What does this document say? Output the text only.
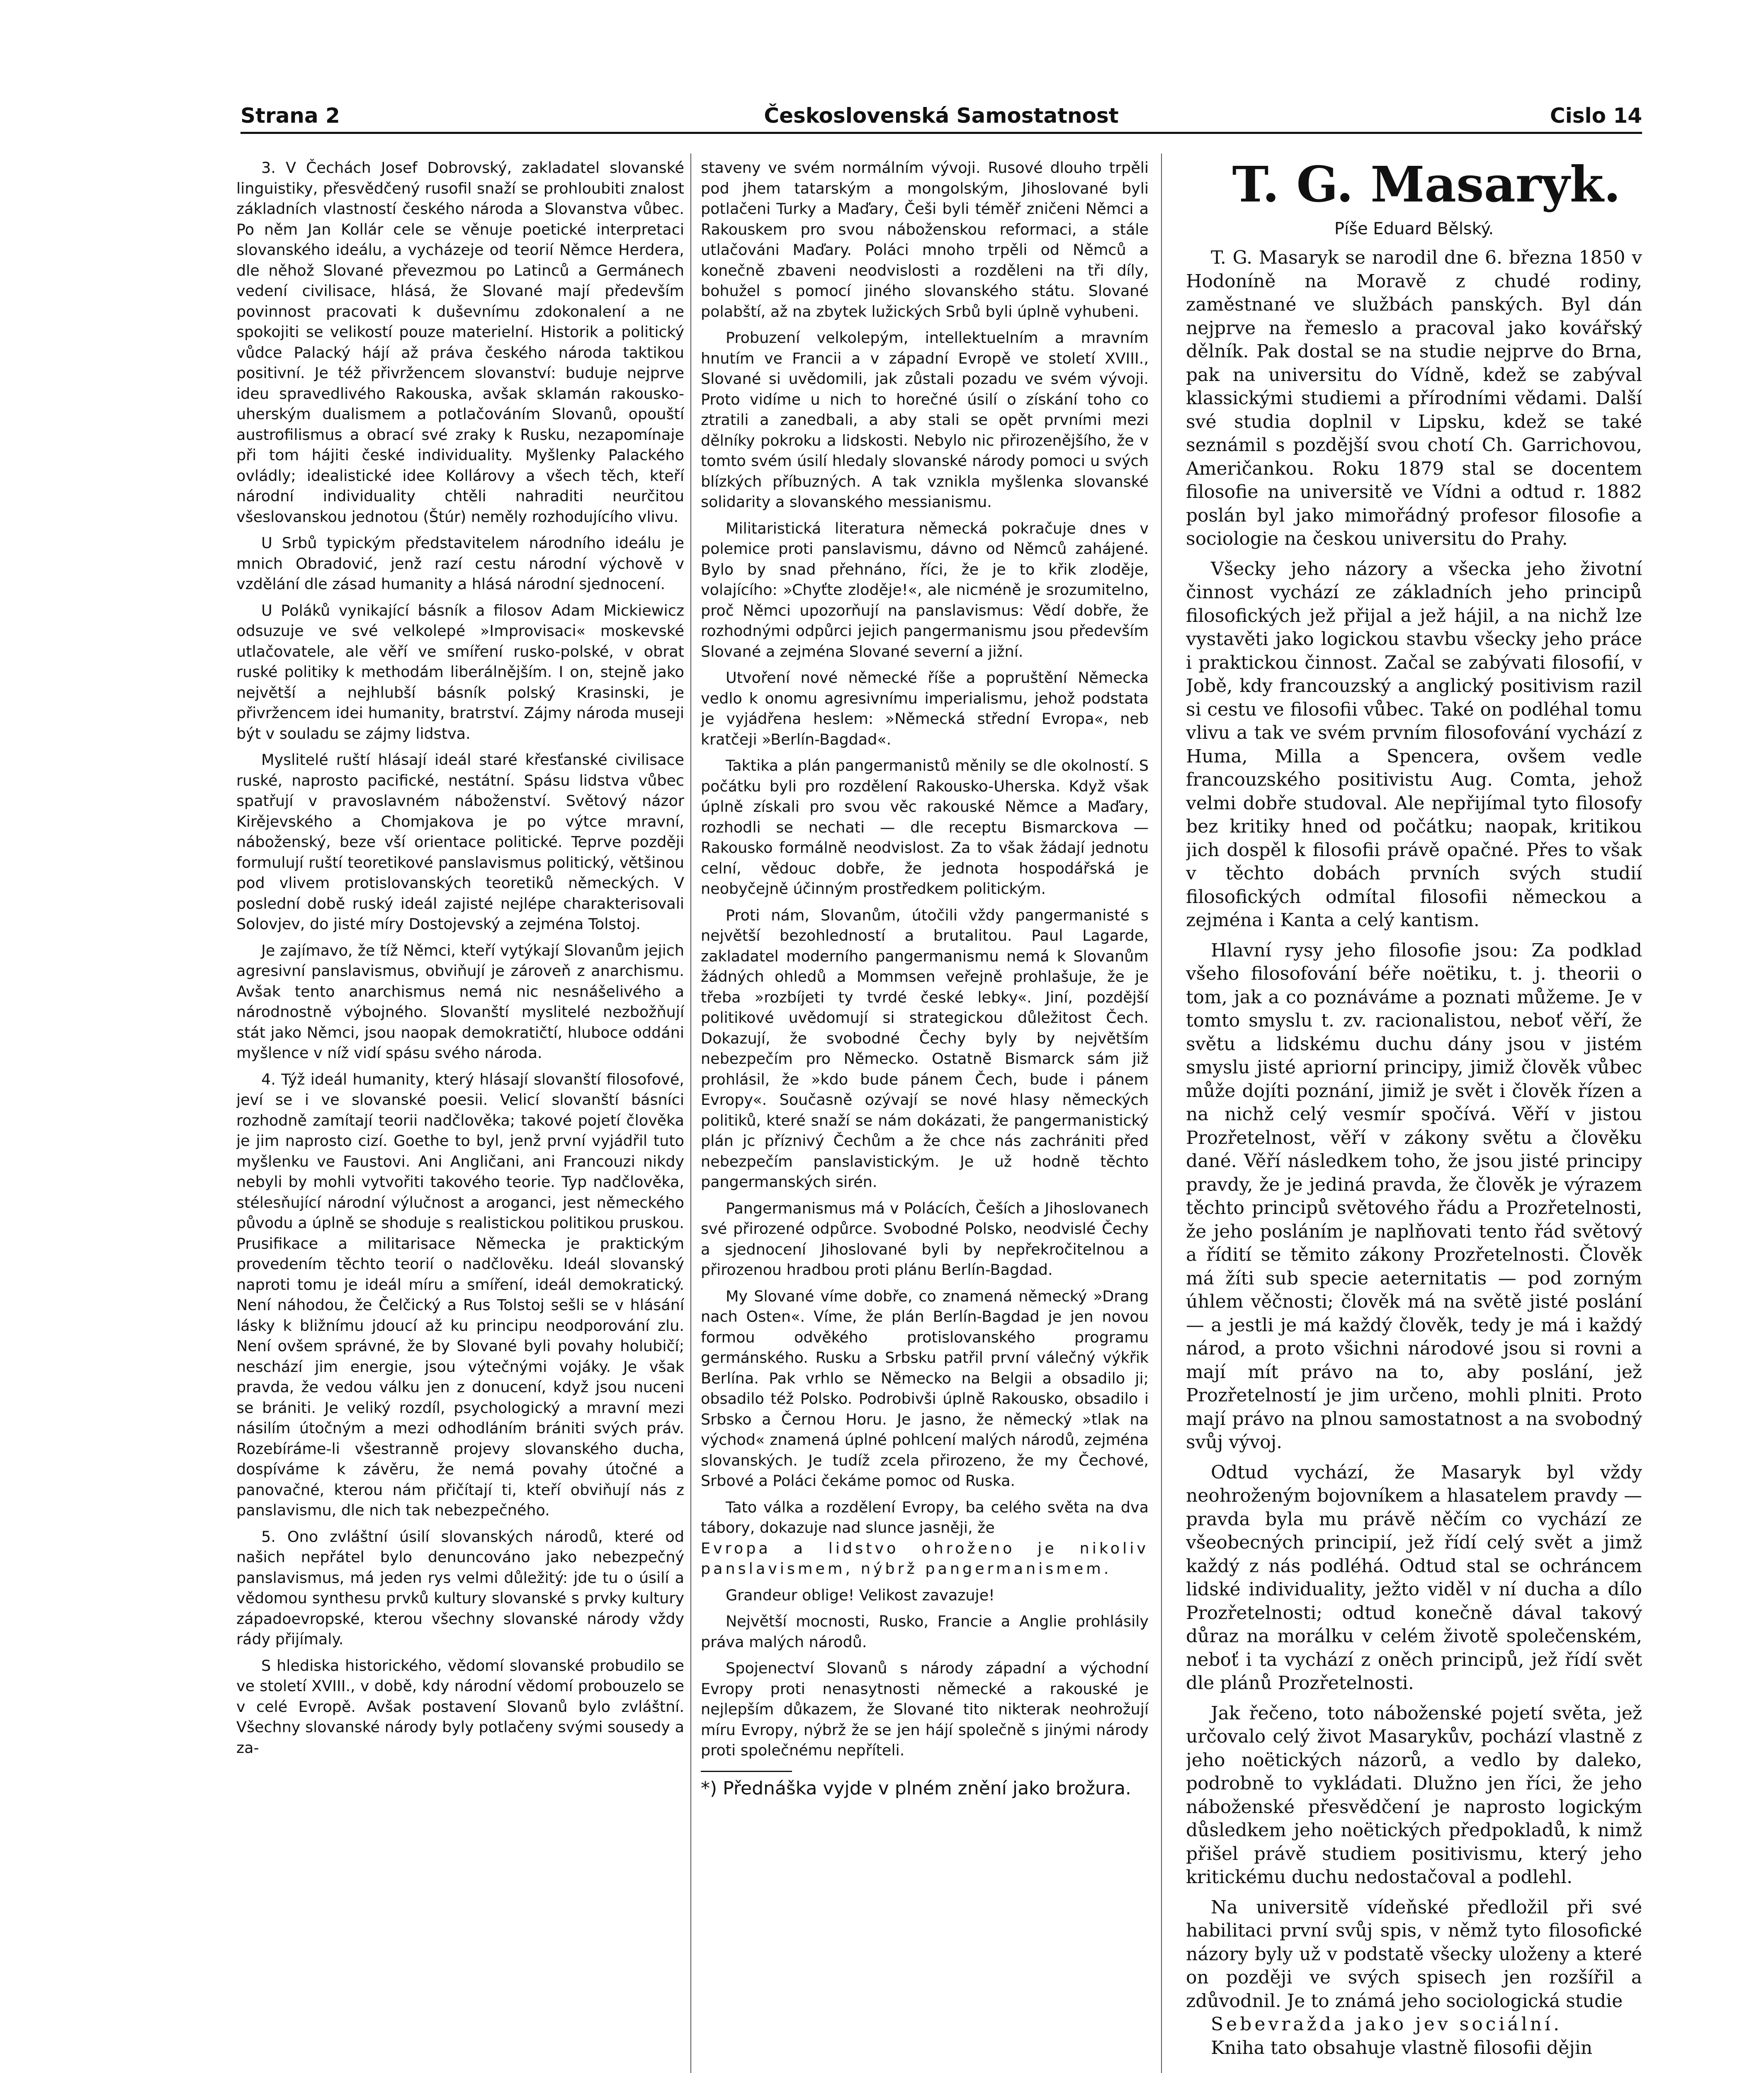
Strana 2	Československá Samostatnost	Cislo 14

3. V Čechách Josef Dobrovský, zakladatel slovanské linguistiky, přesvědčený rusofil snaží se prohloubiti znalost základních vlastností českého národa a Slovanstva vůbec. Po něm Jan Kollár cele se věnuje poetické interpretaci slovanského ideálu, a vycházeje od teorií Němce Herdera, dle něhož Slované převezmou po Latinců a Germánech vedení civilisace, hlásá, že Slované mají především povinnost pracovati k duševnímu zdokonalení a ne spokojiti se velikostí pouze materielní. Historik a politický vůdce Palacký hájí až práva českého národa taktikou positivní. Je též přivržencem slovanství: buduje nejprve ideu spravedlivého Rakouska, avšak sklamán rakousko-uherským dualismem a potlačováním Slovanů, opouští austrofilismus a obrací své zraky k Rusku, nezapomínaje při tom hájiti české individuality. Myšlenky Palackého ovládly; idealistické idee Kollárovy a všech těch, kteří národní individuality chtěli nahraditi neurčitou všeslovanskou jednotou (Štúr) neměly rozhodujícího vlivu.

U Srbů typickým představitelem národního ideálu je mnich Obradović, jenž razí cestu národní výchově v vzdělání dle zásad humanity a hlásá národní sjednocení.

U Poláků vynikající básník a filosov Adam Mickiewicz odsuzuje ve své velkolepé »Improvisaci« moskevské utlačovatele, ale věří ve smíření rusko-polské, v obrat ruské politiky k methodám liberálnějším. I on, stejně jako největší a nejhlubší básník polský Krasinski, je přivržencem idei humanity, bratrství. Zájmy národa museji být v souladu se zájmy lidstva.

Myslitelé ruští hlásají ideál staré křesťanské civilisace ruské, naprosto pacifické, nestátní. Spásu lidstva vůbec spatřují v pravoslavném náboženství. Světový názor Kirějevského a Chomjakova je po výtce mravní, náboženský, beze vší orientace politické. Teprve později formulují ruští teoretikové panslavismus politický, většinou pod vlivem protislovanských teoretiků německých. V poslední době ruský ideál zajisté nejlépe charakterisovali Solovjev, do jisté míry Dostojevský a zejména Tolstoj.

Je zajímavo, že tíž Němci, kteří vytýkají Slovanům jejich agresivní panslavismus, obviňují je zároveň z anarchismu. Avšak tento anarchismus nemá nic nesnášelivého a národnostně výbojného. Slovanští myslitelé nezbožňují stát jako Němci, jsou naopak demokratičtí, hluboce oddáni myšlence v níž vidí spásu svého národa.

4. Týž ideál humanity, který hlásají slovanští filosofové, jeví se i ve slovanské poesii. Velicí slovanští básníci rozhodně zamítají teorii nadčlověka; takové pojetí člověka je jim naprosto cizí. Goethe to byl, jenž první vyjádřil tuto myšlenku ve Faustovi. Ani Angličani, ani Francouzi nikdy nebyli by mohli vytvořiti takového teorie. Typ nadčlověka, stélesňující národní výlučnost a aroganci, jest německého původu a úplně se shoduje s realistickou politikou pruskou. Prusifikace a militarisace Německa je praktickým provedením těchto teorií o nadčlověku. Ideál slovanský naproti tomu je ideál míru a smíření, ideál demokratický. Není náhodou, že Čelčický a Rus Tolstoj sešli se v hlásání lásky k bližnímu jdoucí až ku principu neodporování zlu. Není ovšem správné, že by Slované byli povahy holubičí; neschází jim energie, jsou výtečnými vojáky. Je však pravda, že vedou válku jen z donucení, když jsou nuceni se brániti. Je veliký rozdíl, psychologický a mravní mezi násilím útočným a mezi odhodláním brániti svých práv. Rozebíráme-li všestranně projevy slovanského ducha, dospíváme k závěru, že nemá povahy útočné a panovačné, kterou nám přičítají ti, kteří obviňují nás z panslavismu, dle nich tak nebezpečného.

5. Ono zvláštní úsilí slovanských národů, které od našich nepřátel bylo denuncováno jako nebezpečný panslavismus, má jeden rys velmi důležitý: jde tu o úsilí a vědomou synthesu prvků kultury slovanské s prvky kultury západoevropské, kterou všechny slovanské národy vždy rády přijímaly.

S hlediska historického, vědomí slovanské probudilo se ve století XVIII., v době, kdy národní vědomí probouzelo se v celé Evropě. Avšak postavení Slovanů bylo zvláštní. Všechny slovanské národy byly potlačeny svými sousedy a za-

staveny ve svém normálním vývoji. Rusové dlouho trpěli pod jhem tatarským a mongolským, Jihoslované byli potlačeni Turky a Maďary, Češi byli téměř zničeni Němci a Rakouskem pro svou náboženskou reformaci, a stále utlačováni Maďary. Poláci mnoho trpěli od Němců a konečně zbaveni neodvislosti a rozděleni na tři díly, bohužel s pomocí jiného slovanského státu. Slované polabští, až na zbytek lužických Srbů byli úplně vyhubeni.

Probuzení velkolepým, intellektuelním a mravním hnutím ve Francii a v západní Evropě ve století XVIII., Slované si uvědomili, jak zůstali pozadu ve svém vývoji. Proto vidíme u nich to horečné úsilí o získání toho co ztratili a zanedbali, a aby stali se opět prvními mezi dělníky pokroku a lidskosti. Nebylo nic přirozenějšího, že v tomto svém úsilí hledaly slovanské národy pomoci u svých blízkých příbuzných. A tak vznikla myšlenka slovanské solidarity a slovanského messianismu.

Militaristická literatura německá pokračuje dnes v polemice proti panslavismu, dávno od Němců zahájené. Bylo by snad přehnáno, říci, že je to křik zloděje, volajícího: »Chyťte zloděje!«, ale nicméně je srozumitelno, proč Němci upozorňují na panslavismus: Vědí dobře, že rozhodnými odpůrci jejich pangermanismu jsou především Slované a zejména Slované severní a jižní.

Utvoření nové německé říše a popruštění Německa vedlo k onomu agresivnímu imperialismu, jehož podstata je vyjádřena heslem: »Německá střední Evropa«, neb kratčeji »Berlín-Bagdad«.

Taktika a plán pangermanistů měnily se dle okolností. S počátku byli pro rozdělení Rakousko-Uherska. Když však úplně získali pro svou věc rakouské Němce a Maďary, rozhodli se nechati — dle receptu Bismarckova — Rakousko formálně neodvislost. Za to však žádají jednotu celní, vědouc dobře, že jednota hospodářská je neobyčejně účinným prostředkem politickým.

Proti nám, Slovanům, útočili vždy pangermanisté s největší bezohledností a brutalitou. Paul Lagarde, zakladatel moderního pangermanismu nemá k Slovanům žádných ohledů a Mommsen veřejně prohlašuje, že je třeba »rozbíjeti ty tvrdé české lebky«. Jiní, pozdější politikové uvědomují si strategickou důležitost Čech. Dokazují, že svobodné Čechy byly by největším nebezpečím pro Německo. Ostatně Bismarck sám již prohlásil, že »kdo bude pánem Čech, bude i pánem Evropy«. Současně ozývají se nové hlasy německých politiků, které snaží se nám dokázati, že pangermanistický plán jc příznivý Čechům a že chce nás zachrániti před nebezpečím panslavistickým. Je už hodně těchto pangermanských sirén.

Pangermanismus má v Polácích, Češích a Jihoslovanech své přirozené odpůrce. Svobodné Polsko, neodvislé Čechy a sjednocení Jihoslované byli by nepřekročitelnou a přirozenou hradbou proti plánu Berlín-Bagdad.

My Slované víme dobře, co znamená německý »Drang nach Osten«. Víme, že plán Berlín-Bagdad je jen novou formou odvěkého protislovanského programu germánského. Rusku a Srbsku patřil první válečný výkřik Berlína. Pak vrhlo se Německo na Belgii a obsadilo ji; obsadilo též Polsko. Podrobivši úplně Rakousko, obsadilo i Srbsko a Černou Horu. Je jasno, že německý »tlak na východ« znamená úplné pohlcení malých národů, zejména slovanských. Je tudíž zcela přirozeno, že my Čechové, Srbové a Poláci čekáme pomoc od Ruska.

Tato válka a rozdělení Evropy, ba celého světa na dva tábory, dokazuje nad slunce jasněji, že

Evropa a lidstvo ohroženo je nikoliv panslavismem, nýbrž pangermanismem.

Grandeur oblige! Velikost zavazuje!

Největší mocnosti, Rusko, Francie a Anglie prohlásily práva malých národů.

Spojenectví Slovanů s národy západní a východní Evropy proti nenasytnosti německé a rakouské je nejlepším důkazem, že Slované tito nikterak neohrožují míru Evropy, nýbrž že se jen hájí společně s jinými národy proti společnému nepříteli.

*) Přednáška vyjde v plném znění jako brožura.

T. G. Masaryk.

Píše Eduard Bělský.

T. G. Masaryk se narodil dne 6. března 1850 v Hodoníně na Moravě z chudé rodiny, zaměstnané ve službách panských. Byl dán nejprve na řemeslo a pracoval jako kovářský dělník. Pak dostal se na studie nejprve do Brna, pak na universitu do Vídně, kdež se zabýval klassickými studiemi a přírodními vědami. Další své studia doplnil v Lipsku, kdež se také seznámil s pozdější svou chotí Ch. Garrichovou, Američankou. Roku 1879 stal se docentem filosofie na universitě ve Vídni a odtud r. 1882 poslán byl jako mimořádný profesor filosofie a sociologie na českou universitu do Prahy.

Všecky jeho názory a všecka jeho životní činnost vychází ze základních jeho principů filosofických jež přijal a jež hájil, a na nichž lze vystavěti jako logickou stavbu všecky jeho práce i praktickou činnost. Začal se zabývati filosofií, v Jobě, kdy francouzský a anglický positivism razil si cestu ve filosofii vůbec. Také on podléhal tomu vlivu a tak ve svém prvním filosofování vychází z Huma, Milla a Spencera, ovšem vedle francouzského positivistu Aug. Comta, jehož velmi dobře studoval. Ale nepřijímal tyto filosofy bez kritiky hned od počátku; naopak, kritikou jich dospěl k filosofii právě opačné. Přes to však v těchto dobách prvních svých studií filosofických odmítal filosofii německou a zejména i Kanta a celý kantism.

Hlavní rysy jeho filosofie jsou: Za podklad všeho filosofování béře noëtiku, t. j. theorii o tom, jak a co poznáváme a poznati můžeme. Je v tomto smyslu t. zv. racionalistou, neboť věří, že světu a lidskému duchu dány jsou v jistém smyslu jisté apriorní principy, jimiž člověk vůbec může dojíti poznání, jimiž je svět i člověk řízen a na nichž celý vesmír spočívá. Věří v jistou Prozřetelnost, věří v zákony světu a člověku dané. Věří následkem toho, že jsou jisté principy pravdy, že je jediná pravda, že člověk je výrazem těchto principů světového řádu a Prozřetelnosti, že jeho posláním je naplňovati tento řád světový a řídití se těmito zákony Prozřetelnosti. Člověk má žíti sub specie aeternitatis — pod zorným úhlem věčnosti; člověk má na světě jisté poslání — a jestli je má každý člověk, tedy je má i každý národ, a proto všichni národové jsou si rovni a mají mít právo na to, aby poslání, jež Prozřetelností je jim určeno, mohli plniti. Proto mají právo na plnou samostatnost a na svobodný svůj vývoj.

Odtud vychází, že Masaryk byl vždy neohroženým bojovníkem a hlasatelem pravdy — pravda byla mu právě něčím co vychází ze všeobecných principií, jež řídí celý svět a jimž každý z nás podléhá. Odtud stal se ochráncem lidské individuality, ježto viděl v ní ducha a dílo Prozřetelnosti; odtud konečně dával takový důraz na morálku v celém životě společenském, neboť i ta vychází z oněch principů, jež řídí svět dle plánů Prozřetelnosti.

Jak řečeno, toto náboženské pojetí světa, jež určovalo celý život Masarykův, pochází vlastně z jeho noëtických názorů, a vedlo by daleko, podrobně to vykládati. Dlužno jen říci, že jeho náboženské přesvědčení je naprosto logickým důsledkem jeho noëtických předpokladů, k nimž přišel právě studiem positivismu, který jeho kritickému duchu nedostačoval a podlehl.

Na universitě vídeňské předložil při své habilitaci první svůj spis, v němž tyto filosofické názory byly už v podstatě všecky uloženy a které on později ve svých spisech jen rozšířil a zdůvodnil. Je to známá jeho sociologická studie

Sebevražda jako jev sociální.

Kniha tato obsahuje vlastně filosofii dějin
